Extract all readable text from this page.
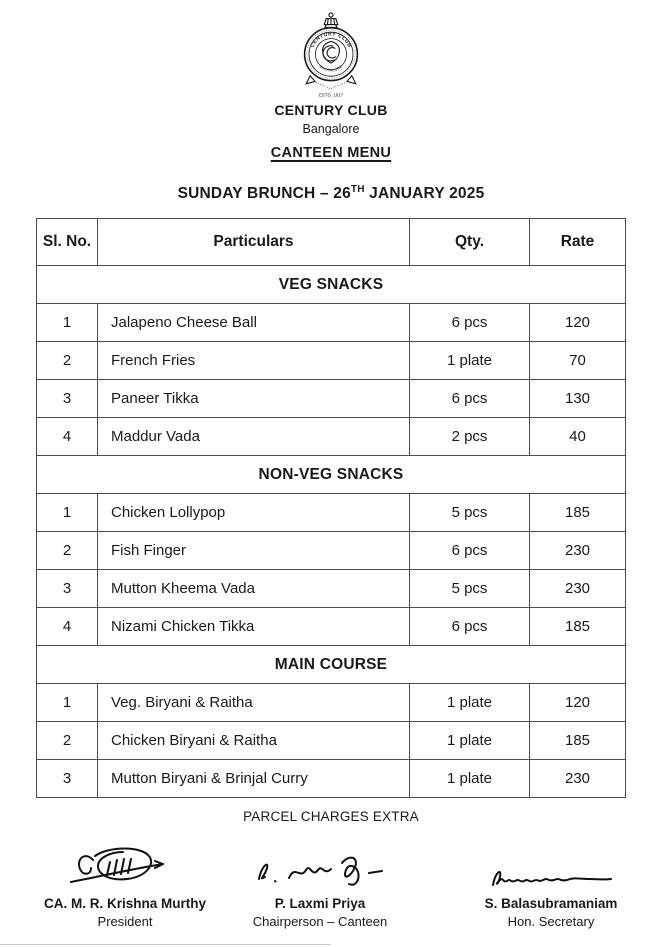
CENTURY CLUB
BANGALORE
ESTD. 1917
CENTURY CLUB
Bangalore
CANTEEN MENU
SUNDAY BRUNCH – 26TH JANUARY 2025
Sl. No.	Particulars	Qty.	Rate
VEG SNACKS			
1	Jalapeno Cheese Ball	6 pcs	120
2	French Fries	1 plate	70
3	Paneer Tikka	6 pcs	130
4	Maddur Vada	2 pcs	40
NON-VEG SNACKS			
1	Chicken Lollypop	5 pcs	185
2	Fish Finger	6 pcs	230
3	Mutton Kheema Vada	5 pcs	230
4	Nizami Chicken Tikka	6 pcs	185
MAIN COURSE			
1	Veg. Biryani & Raitha	1 plate	120
2	Chicken Biryani & Raitha	1 plate	185
3	Mutton Biryani & Brinjal Curry	1 plate	230
PARCEL CHARGES EXTRA
CA. M. R. Krishna Murthy
President
P. Laxmi Priya
Chairperson – Canteen
S. Balasubramaniam
Hon. Secretary
